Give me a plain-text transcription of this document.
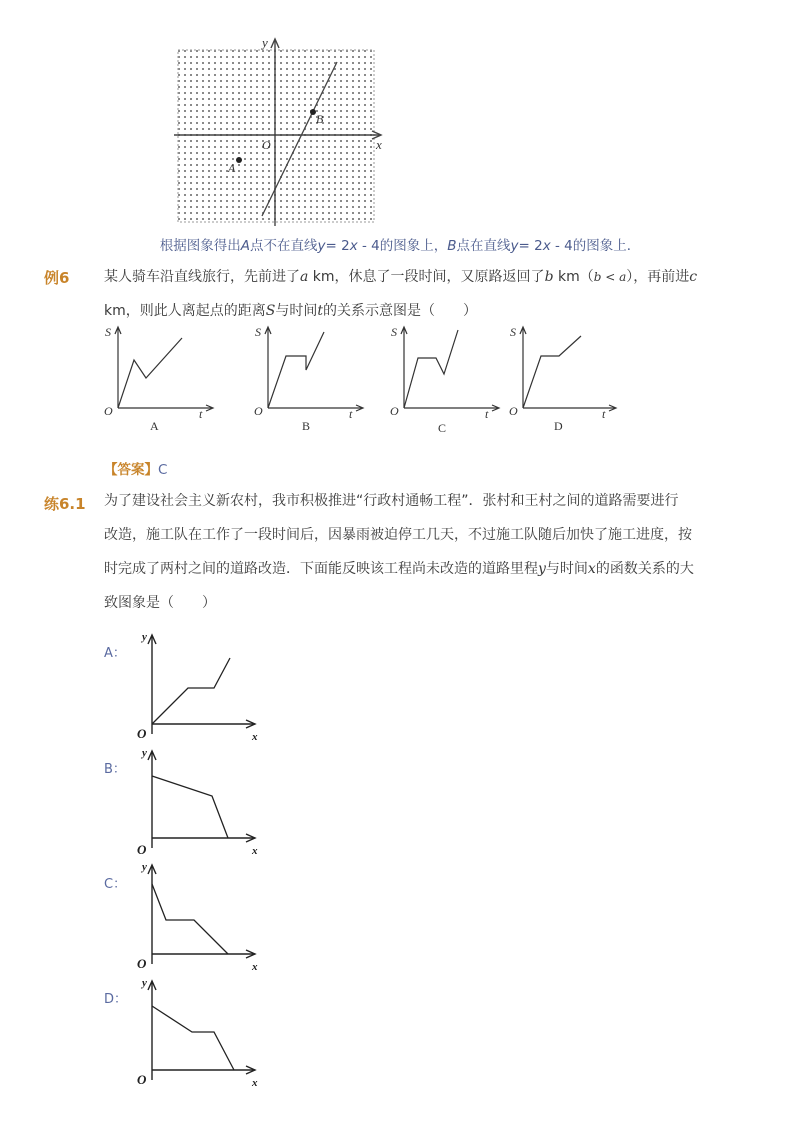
x
y
O
A
B
根据图象得出A点不在直线y= 2x - 4的图象上，B点在直线y= 2x - 4的图象上．
例6 某人骑车沿直线旅行，先前进了a km，休息了一段时间，又原路返回了b km（b < a），再前进c
km，则此人离起点的距离S与时间t的关系示意图是（　　）
S
O	t
A
S
O	t
B
S
O	t
C
S
O	t
D
【答案】C
练6.1 为了建设社会主义新农村，我市积极推进“行政村通畅工程”．张村和王村之间的道路需要进行
改造，施工队在工作了一段时间后，因暴雨被迫停工几天，不过施工队随后加快了施工进度，按
时完成了两村之间的道路改造．下面能反映该工程尚未改造的道路里程y与时间x的函数关系的大
致图象是（　　）
A：
y
O	x
B：
y
O	x
C：
y
O	x
D：
y
O	x
